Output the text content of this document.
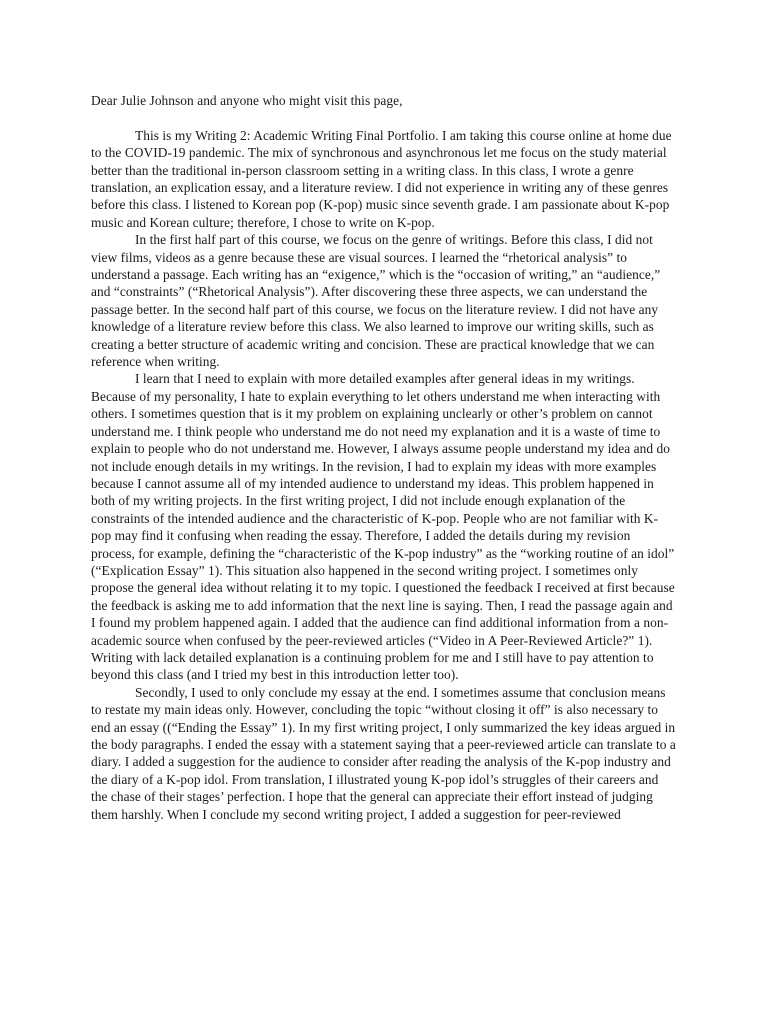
Dear Julie Johnson and anyone who might visit this page,

This is my Writing 2: Academic Writing Final Portfolio. I am taking this course online at home due to the COVID-19 pandemic. The mix of synchronous and asynchronous let me focus on the study material better than the traditional in-person classroom setting in a writing class. In this class, I wrote a genre translation, an explication essay, and a literature review. I did not experience in writing any of these genres before this class. I listened to Korean pop (K-pop) music since seventh grade. I am passionate about K-pop music and Korean culture; therefore, I chose to write on K-pop.

In the first half part of this course, we focus on the genre of writings. Before this class, I did not view films, videos as a genre because these are visual sources. I learned the “rhetorical analysis” to understand a passage. Each writing has an “exigence,” which is the “occasion of writing,” an “audience,” and “constraints” (“Rhetorical Analysis”). After discovering these three aspects, we can understand the passage better. In the second half part of this course, we focus on the literature review. I did not have any knowledge of a literature review before this class. We also learned to improve our writing skills, such as creating a better structure of academic writing and concision. These are practical knowledge that we can reference when writing.

I learn that I need to explain with more detailed examples after general ideas in my writings. Because of my personality, I hate to explain everything to let others understand me when interacting with others. I sometimes question that is it my problem on explaining unclearly or other’s problem on cannot understand me. I think people who understand me do not need my explanation and it is a waste of time to explain to people who do not understand me. However, I always assume people understand my idea and do not include enough details in my writings. In the revision, I had to explain my ideas with more examples because I cannot assume all of my intended audience to understand my ideas. This problem happened in both of my writing projects. In the first writing project, I did not include enough explanation of the constraints of the intended audience and the characteristic of K-pop. People who are not familiar with K-pop may find it confusing when reading the essay. Therefore, I added the details during my revision process, for example, defining the “characteristic of the K-pop industry” as the “working routine of an idol” (“Explication Essay” 1). This situation also happened in the second writing project. I sometimes only propose the general idea without relating it to my topic. I questioned the feedback I received at first because the feedback is asking me to add information that the next line is saying. Then, I read the passage again and I found my problem happened again. I added that the audience can find additional information from a non-academic source when confused by the peer-reviewed articles (“Video in A Peer-Reviewed Article?” 1). Writing with lack detailed explanation is a continuing problem for me and I still have to pay attention to beyond this class (and I tried my best in this introduction letter too).

Secondly, I used to only conclude my essay at the end. I sometimes assume that conclusion means to restate my main ideas only. However, concluding the topic “without closing it off” is also necessary to end an essay ((“Ending the Essay” 1). In my first writing project, I only summarized the key ideas argued in the body paragraphs. I ended the essay with a statement saying that a peer-reviewed article can translate to a diary. I added a suggestion for the audience to consider after reading the analysis of the K-pop industry and the diary of a K-pop idol. From translation, I illustrated young K-pop idol’s struggles of their careers and the chase of their stages’ perfection. I hope that the general can appreciate their effort instead of judging them harshly. When I conclude my second writing project, I added a suggestion for peer-reviewed
